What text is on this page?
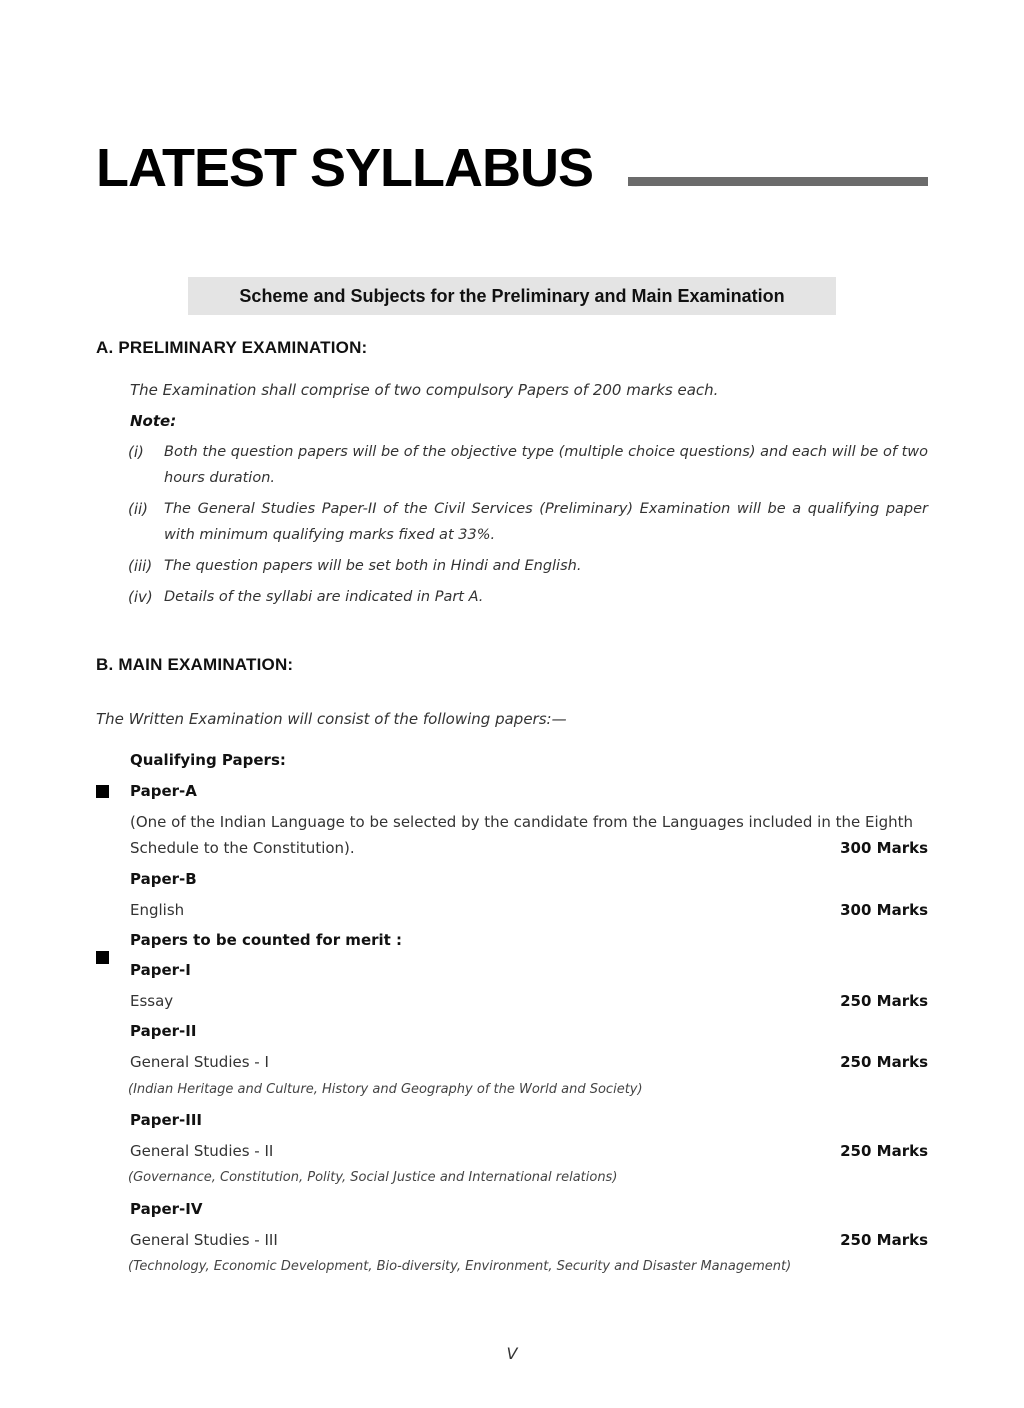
LATEST SYLLABUS
Scheme and Subjects for the Preliminary and Main Examination
A. PRELIMINARY EXAMINATION:
The Examination shall comprise of two compulsory Papers of 200 marks each.
Note:
(i) Both the question papers will be of the objective type (multiple choice questions) and each will be of two hours duration.
(ii) The General Studies Paper-II of the Civil Services (Preliminary) Examination will be a qualifying paper with minimum qualifying marks fixed at 33%.
(iii) The question papers will be set both in Hindi and English.
(iv) Details of the syllabi are indicated in Part A.
B. MAIN EXAMINATION:
The Written Examination will consist of the following papers:—
Qualifying Papers:
Paper-A
(One of the Indian Language to be selected by the candidate from the Languages included in the Eighth Schedule to the Constitution).	300 Marks
Paper-B
English	300 Marks
Papers to be counted for merit :
Paper-I
Essay	250 Marks
Paper-II
General Studies - I	250 Marks
(Indian Heritage and Culture, History and Geography of the World and Society)
Paper-III
General Studies - II	250 Marks
(Governance, Constitution, Polity, Social Justice and International relations)
Paper-IV
General Studies - III	250 Marks
(Technology, Economic Development, Bio-diversity, Environment, Security and Disaster Management)
V
